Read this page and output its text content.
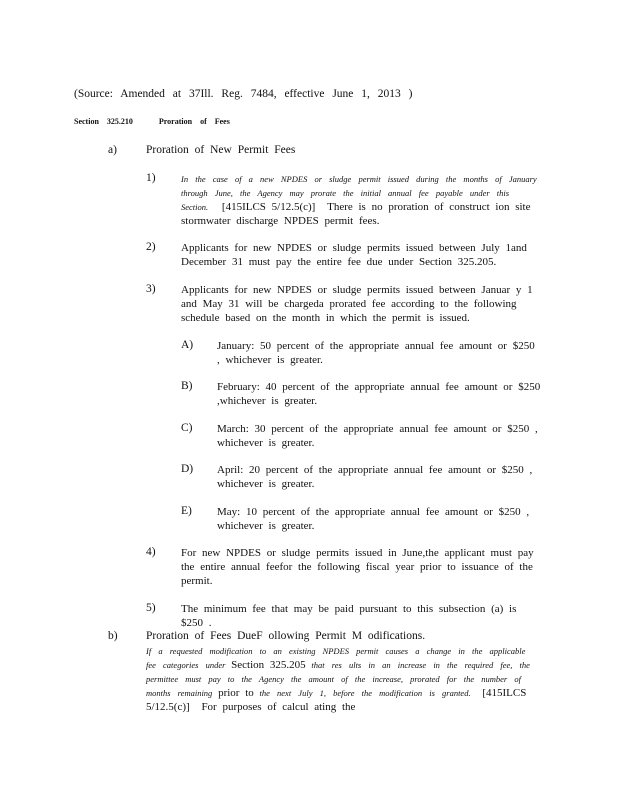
(Source: Amended at 37Ill. Reg. 7484, effective June 1, 2013 )

Section 325.210	Proration of Fees

a)	Proration of New Permit Fees
1)	In the case of a new NPDES or sludge permit issued during the months of January through June, the Agency may prorate the initial annual fee payable under this Section. [415ILCS 5/12.5(c)] There is no proration of construct ion site stormwater discharge NPDES permit fees.

2) Applicants for new NPDES or sludge permits issued between July 1and December 31 must pay the entire fee due under Section 325.205.

3) Applicants for new NPDES or sludge permits issued between Januar y 1 and May 31 will be chargeda prorated fee according to the following schedule based on the month in which the permit is issued.

A) January: 50 percent of the appropriate annual fee amount or $250 , whichever is greater.

B) February: 40 percent of the appropriate annual fee amount or $250 ,whichever is greater.

C) March: 30 percent of the appropriate annual fee amount or $250 , whichever is greater.

D) April: 20 percent of the appropriate annual fee amount or $250 , whichever is greater.

E) May: 10 percent of the appropriate annual fee amount or $250 , whichever is greater.

4) For new NPDES or sludge permits issued in June,the applicant must pay the entire annual feefor the following fiscal year prior to issuance of the permit.

5) The minimum fee that may be paid pursuant to this subsection (a) is $250 .

b) Proration of Fees DueF ollowing Permit M odifications.

If a requested modification to an existing NPDES permit causes a change in the applicable fee categories under Section 325.205 that res ults in an increase in the required fee, the permittee must pay to the Agency the amount of the increase, prorated for the number of months remaining prior to the next July 1, before the modification is granted. [415ILCS 5/12.5(c)] For purposes of calcul ating the
